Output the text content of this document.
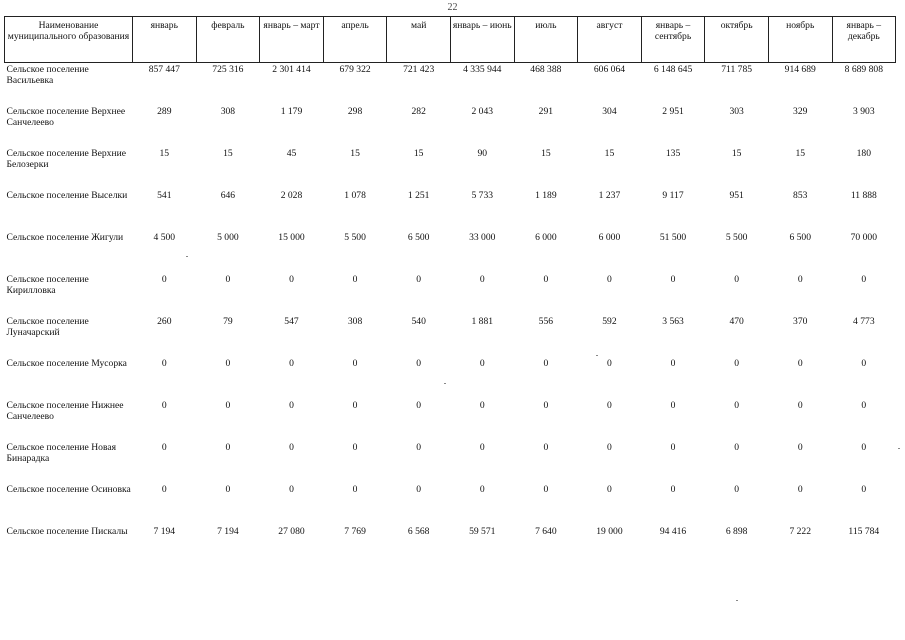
22
Наименование муниципального образования	январь	февраль	январь – март	апрель	май	январь – июнь	июль	август	январь – сентябрь	октябрь	ноябрь	январь – декабрь
Сельское поселение Васильевка	857 447	725 316	2 301 414	679 322	721 423	4 335 944	468 388	606 064	6 148 645	711 785	914 689	8 689 808
Сельское поселение Верхнее Санчелеево	289	308	1 179	298	282	2 043	291	304	2 951	303	329	3 903
Сельское поселение Верхние Белозерки	15	15	45	15	15	90	15	15	135	15	15	180
Сельское поселение Выселки	541	646	2 028	1 078	1 251	5 733	1 189	1 237	9 117	951	853	11 888
Сельское поселение Жигули	4 500	5 000	15 000	5 500	6 500	33 000	6 000	6 000	51 500	5 500	6 500	70 000
Сельское поселение Кирилловка	0	0	0	0	0	0	0	0	0	0	0	0
Сельское поселение Луначарский	260	79	547	308	540	1 881	556	592	3 563	470	370	4 773
Сельское поселение Мусорка	0	0	0	0	0	0	0	0	0	0	0	0
Сельское поселение Нижнее Санчелеево	0	0	0	0	0	0	0	0	0	0	0	0
Сельское поселение Новая Бинарадка	0	0	0	0	0	0	0	0	0	0	0	0
Сельское поселение Осиновка	0	0	0	0	0	0	0	0	0	0	0	0
Сельское поселение Пискалы	7 194	7 194	27 080	7 769	6 568	59 571	7 640	19 000	94 416	6 898	7 222	115 784
